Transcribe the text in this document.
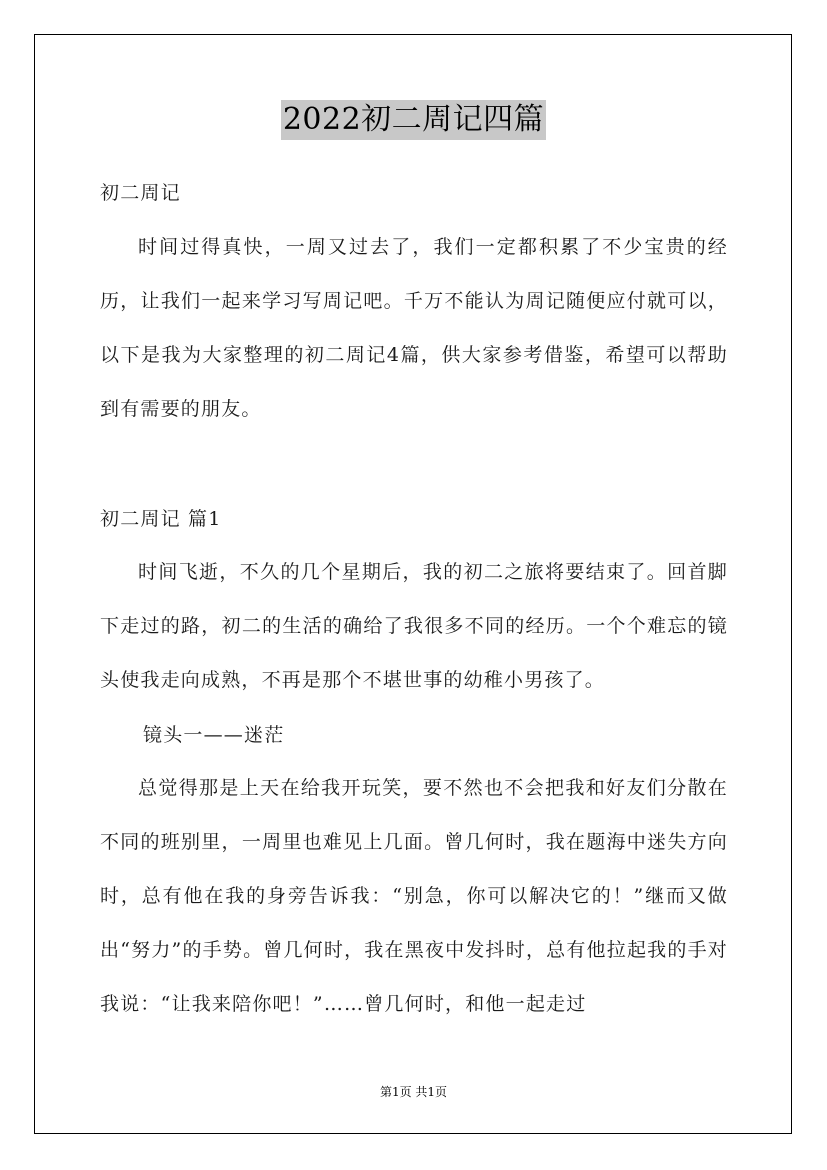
2022初二周记四篇
初二周记

时间过得真快，一周又过去了，我们一定都积累了不少宝贵的经历，让我们一起来学习写周记吧。千万不能认为周记随便应付就可以，以下是我为大家整理的初二周记4篇，供大家参考借鉴，希望可以帮助到有需要的朋友。

初二周记 篇1

时间飞逝，不久的几个星期后，我的初二之旅将要结束了。回首脚下走过的路，初二的生活的确给了我很多不同的经历。一个个难忘的镜头使我走向成熟，不再是那个不堪世事的幼稚小男孩了。

镜头一——迷茫

总觉得那是上天在给我开玩笑，要不然也不会把我和好友们分散在不同的班别里，一周里也难见上几面。曾几何时，我在题海中迷失方向时，总有他在我的身旁告诉我：“别急，你可以解决它的！”继而又做出“努力”的手势。曾几何时，我在黑夜中发抖时，总有他拉起我的手对我说：“让我来陪你吧！”……曾几何时，和他一起走过

第1页 共1页
